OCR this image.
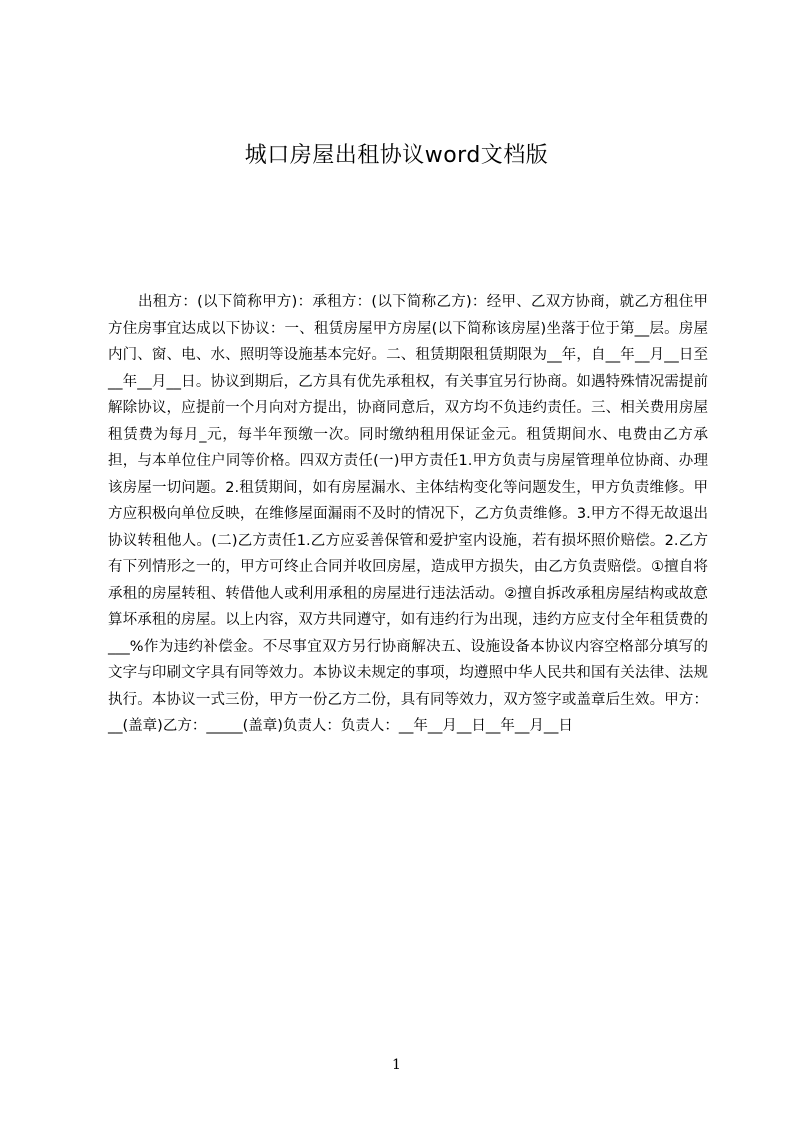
城口房屋出租协议word文档版

出租方：(以下简称甲方)：承租方：(以下简称乙方)：经甲、乙双方协商，就乙方租住甲方住房事宜达成以下协议：一、租赁房屋甲方房屋(以下简称该房屋)坐落于位于第__层。房屋内门、窗、电、水、照明等设施基本完好。二、租赁期限租赁期限为__年，自__年__月__日至__年__月__日。协议到期后，乙方具有优先承租权，有关事宜另行协商。如遇特殊情况需提前解除协议，应提前一个月向对方提出，协商同意后，双方均不负违约责任。三、相关费用房屋租赁费为每月_元，每半年预缴一次。同时缴纳租用保证金元。租赁期间水、电费由乙方承担，与本单位住户同等价格。四双方责任(一)甲方责任1.甲方负责与房屋管理单位协商、办理该房屋一切问题。2.租赁期间，如有房屋漏水、主体结构变化等问题发生，甲方负责维修。甲方应积极向单位反映，在维修屋面漏雨不及时的情况下，乙方负责维修。3.甲方不得无故退出协议转租他人。(二)乙方责任1.乙方应妥善保管和爱护室内设施，若有损坏照价赔偿。2.乙方有下列情形之一的，甲方可终止合同并收回房屋，造成甲方损失，由乙方负责赔偿。①擅自将承租的房屋转租、转借他人或利用承租的房屋进行违法活动。②擅自拆改承租房屋结构或故意算坏承租的房屋。以上内容，双方共同遵守，如有违约行为出现，违约方应支付全年租赁费的___%作为违约补偿金。不尽事宜双方另行协商解决五、设施设备本协议内容空格部分填写的文字与印刷文字具有同等效力。本协议未规定的事项，均遵照中华人民共和国有关法律、法规执行。本协议一式三份，甲方一份乙方二份，具有同等效力，双方签字或盖章后生效。甲方：__(盖章)乙方：_____(盖章)负责人：负责人：__年__月__日__年__月__日

1
